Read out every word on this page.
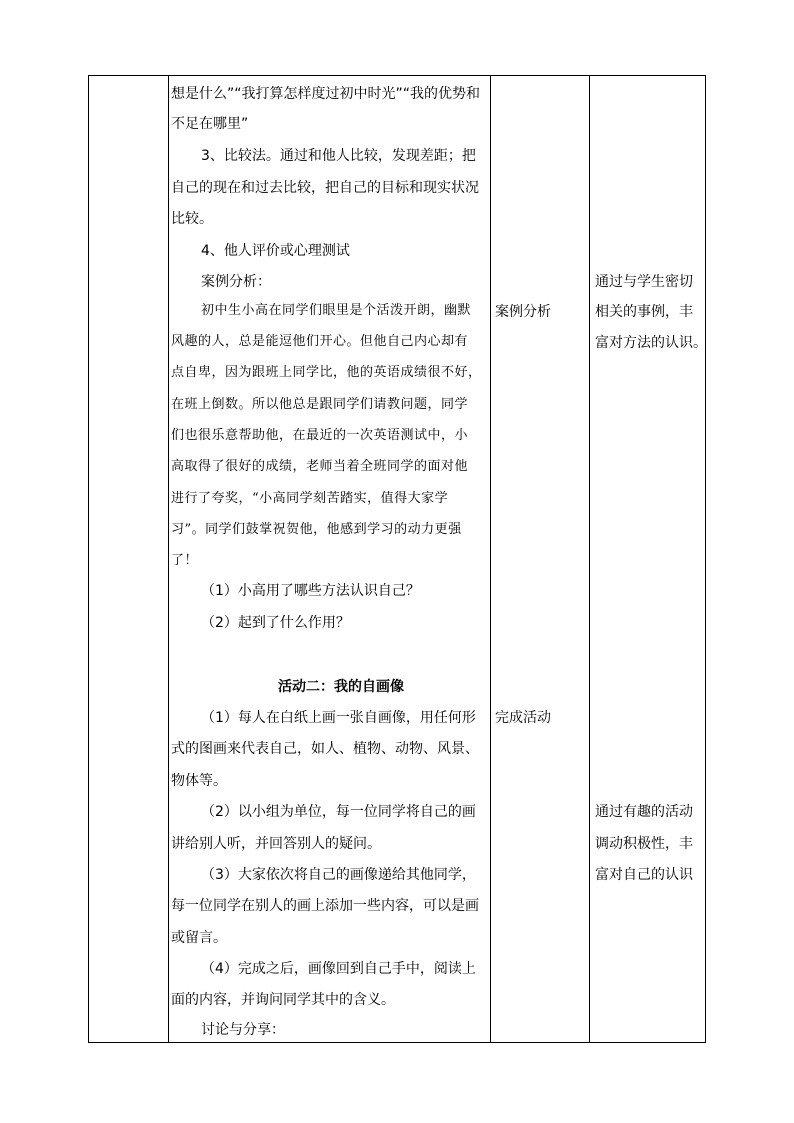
想是什么”“我打算怎样度过初中时光”“我的优势和
不足在哪里”
3、比较法。通过和他人比较，发现差距；把
自己的现在和过去比较，把自己的目标和现实状况
比较。
4、他人评价或心理测试
案例分析：
初中生小高在同学们眼里是个活泼开朗，幽默
风趣的人，总是能逗他们开心。但他自己内心却有
点自卑，因为跟班上同学比，他的英语成绩很不好，
在班上倒数。所以他总是跟同学们请教问题，同学
们也很乐意帮助他，在最近的一次英语测试中，小
高取得了很好的成绩，老师当着全班同学的面对他
进行了夸奖，“小高同学刻苦踏实，值得大家学
习”。同学们鼓掌祝贺他，他感到学习的动力更强
了！
（1）小高用了哪些方法认识自己？
（2）起到了什么作用？
活动二：我的自画像
（1）每人在白纸上画一张自画像，用任何形
式的图画来代表自己，如人、植物、动物、风景、
物体等。
（2）以小组为单位，每一位同学将自己的画
讲给别人听，并回答别人的疑问。
（3）大家依次将自己的画像递给其他同学，
每一位同学在别人的画上添加一些内容，可以是画
或留言。
（4）完成之后，画像回到自己手中，阅读上
面的内容，并询问同学其中的含义。
讨论与分享：
案例分析
完成活动
通过与学生密切
相关的事例，丰
富对方法的认识。
通过有趣的活动
调动积极性，丰
富对自己的认识
